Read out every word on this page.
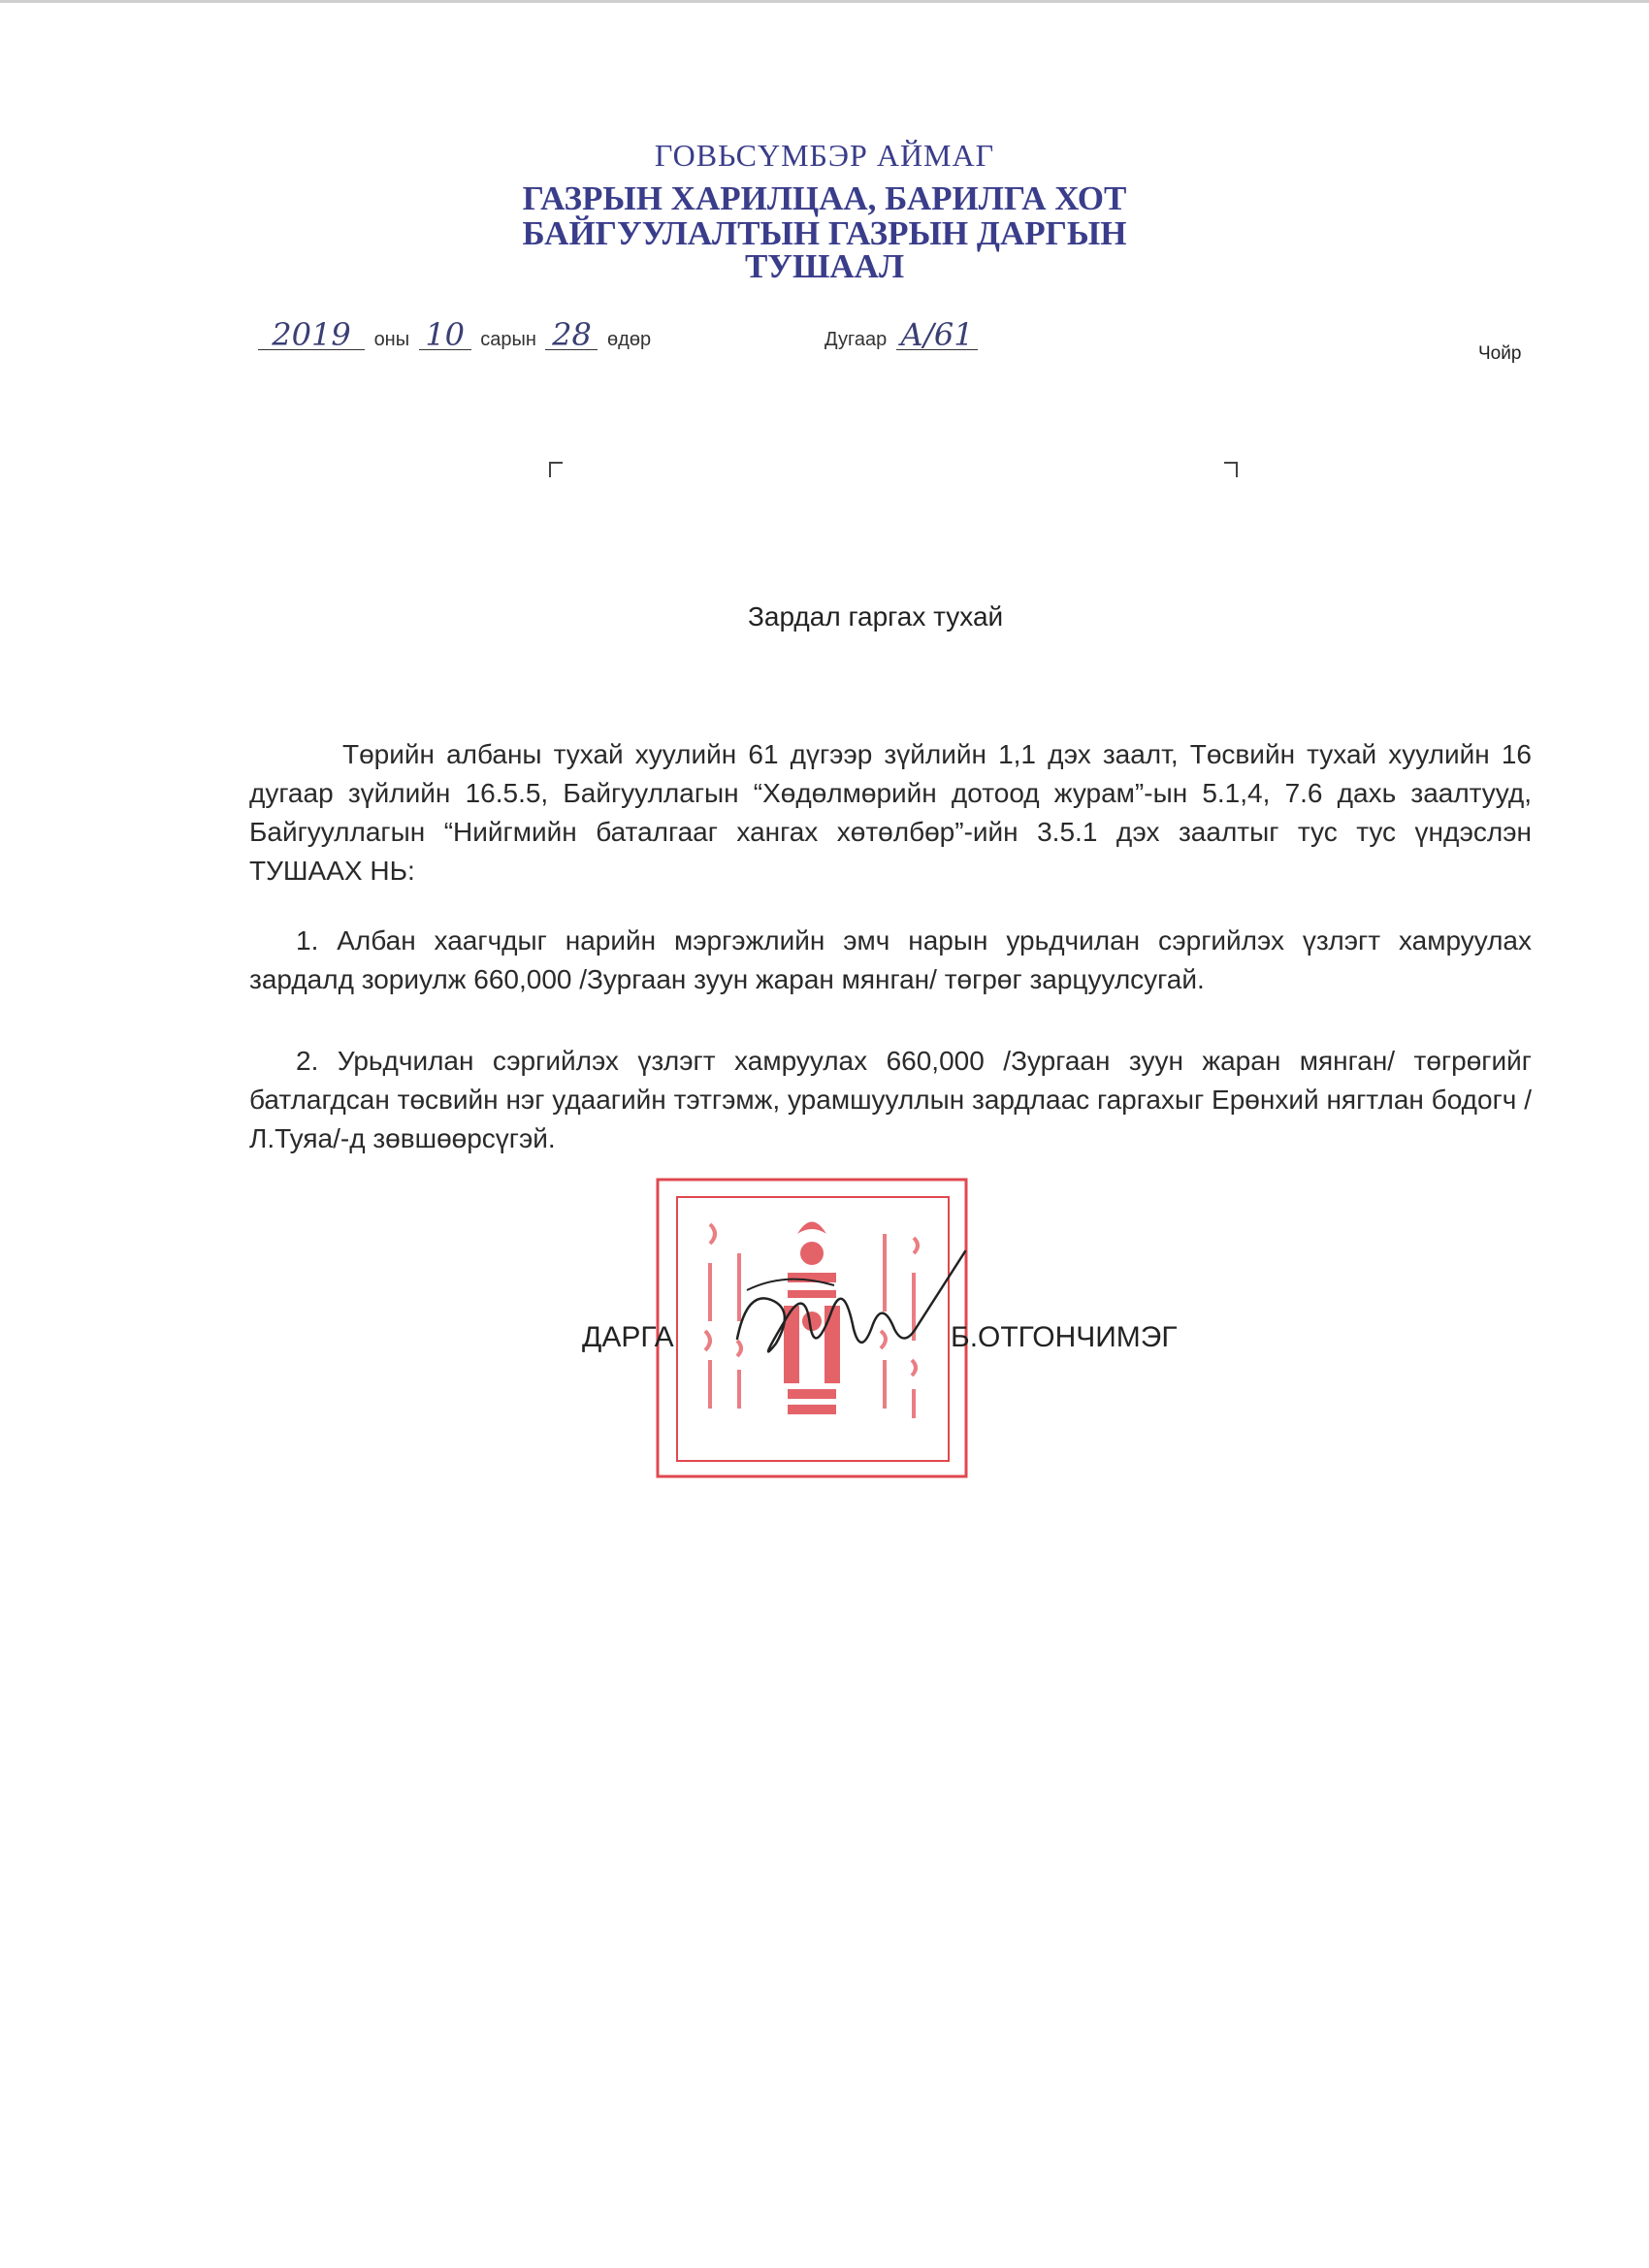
ГОВЬСҮМБЭР АЙМАГ
ГАЗРЫН ХАРИЛЦАА, БАРИЛГА ХОТ
БАЙГУУЛАЛТЫН ГАЗРЫН ДАРГЫН
ТУШААЛ
2019 оны 10 сарын 28 өдөр	Дугаар А/61
Чойр
Зардал гаргах тухай
Төрийн албаны тухай хуулийн 61 дүгээр зүйлийн 1,1 дэх заалт, Төсвийн тухай хуулийн 16 дугаар зүйлийн 16.5.5, Байгууллагын “Хөдөлмөрийн дотоод журам”-ын 5.1,4, 7.6 дахь заалтууд, Байгууллагын “Нийгмийн баталгааг хангах хөтөлбөр”-ийн 3.5.1 дэх заалтыг тус тус үндэслэн ТУШААХ НЬ:
1. Албан хаагчдыг нарийн мэргэжлийн эмч нарын урьдчилан сэргийлэх үзлэгт хамруулах зардалд зориулж 660,000 /Зургаан зуун жаран мянган/ төгрөг зарцуулсугай.
2. Урьдчилан сэргийлэх үзлэгт хамруулах 660,000 /Зургаан зуун жаран мянган/ төгрөгийг батлагдсан төсвийн нэг удаагийн тэтгэмж, урамшууллын зардлаас гаргахыг Ерөнхий нягтлан бодогч /Л.Туяа/-д зөвшөөрсүгэй.
ДАРГА	Б.ОТГОНЧИМЭГ
